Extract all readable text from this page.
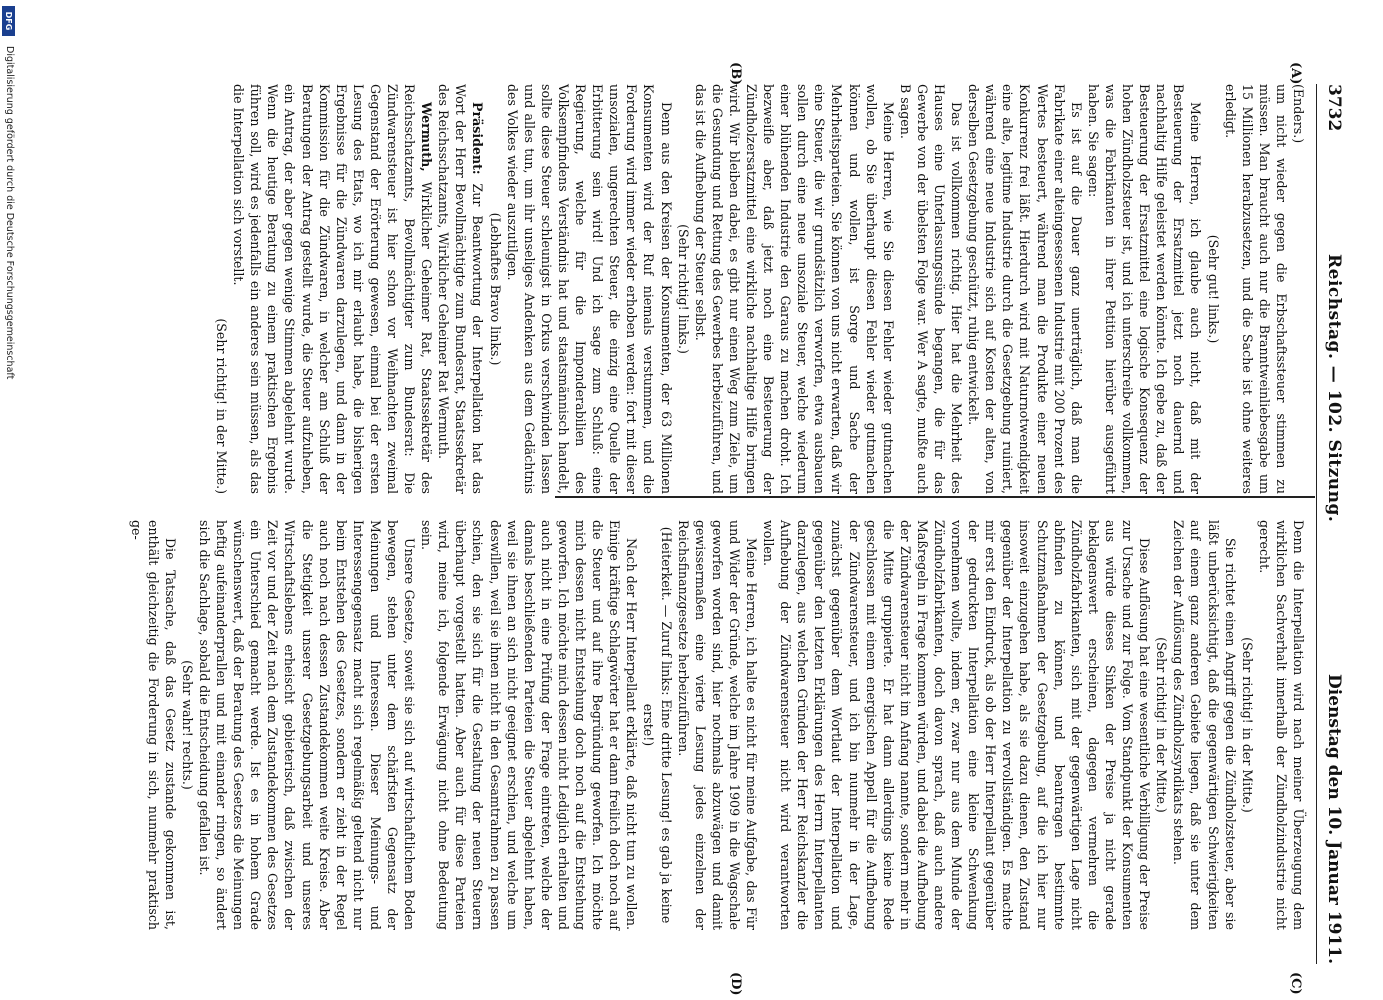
3732
Reichstag. — 102. Sitzung.
Dienstag den 10. Januar 1911.
(A)
(B)
(C)
(D)

(Enders.)

um nicht wieder gegen die Erbschaftssteuer stimmen zu müssen. Man braucht auch nur die Branntweinliebesgabe um 15 Millionen herabzusetzen, und die Sache ist ohne weiteres erledigt.

(Sehr gut! links.)

Meine Herren, ich glaube auch nicht, daß mit der Besteuerung der Ersatzmittel jetzt noch dauernd und nachhaltig Hilfe geleistet werden könnte. Ich gebe zu, daß der Besteuerung der Ersatzmittel eine logische Konsequenz der hohen Zündholzsteuer ist, und ich unterschreibe vollkommen, was die Fabrikanten in ihrer Petition hierüber ausgeführt haben. Sie sagen:

Es ist auf die Dauer ganz unerträglich, daß man die Fabrikate einer alteingesessenen Industrie mit 200 Prozent des Wertes besteuert, während man die Produkte einer neuen Konkurrenz frei läßt. Hierdurch wird mit Naturnotwendigkeit eine alte, legitime Industrie durch die Gesetzgebung ruiniert, während eine neue Industrie sich auf Kosten der alten, von derselben Gesetzgebung geschützt, ruhig entwickelt.

Das ist vollkommen richtig. Hier hat die Mehrheit des Hauses eine Unterlassungssünde begangen, die für das Gewerbe von der übelsten Folge war. Wer A sagte, mußte auch B sagen.

Meine Herren, wie Sie diesen Fehler wieder gutmachen wollen, ob Sie überhaupt diesen Fehler wieder gutmachen können und wollen, ist Sorge und Sache der Mehrheitsparteien. Sie können von uns nicht erwarten, daß wir eine Steuer, die wir grundsätzlich verworfen, etwa ausbauen sollen durch eine neue unsoziale Steuer, welche wiederum einer blühenden Industrie den Garaus zu machen droht. Ich bezweifle aber, daß jetzt noch eine Besteuerung der Zündholzersatzmittel eine wirkliche nachhaltige Hilfe bringen wird. Wir bleiben dabei, es gibt nur einen Weg zum Ziele, um die Gesundung und Rettung des Gewerbes herbeizuführen, und das ist die Aufhebung der Steuer selbst.

(Sehr richtig! links.)

Denn aus den Kreisen der Konsumenten, der 63 Millionen Konsumenten wird der Ruf niemals verstummen, und die Forderung wird immer wieder erhoben werden: fort mit dieser unsozialen, ungerechten Steuer, die einzig eine Quelle der Erbitterung sein wird! Und ich sage zum Schluß: eine Regierung, welche für die Imponderabilien des Volksempfindens Verständnis hat und staatsmännisch handelt, sollte diese Steuer schleunigst in Orkus verschwinden lassen und alles tun, um ihr unseliges Andenken aus dem Gedächtnis des Volkes wieder auszutilgen.

(Lebhaftes Bravo links.)

Präsident: Zur Beantwortung der Interpellation hat das Wort der Herr Bevollmächtigte zum Bundesrat, Staatssekretär des Reichsschatzamts, Wirklicher Geheimer Rat Wermuth.

Wermuth, Wirklicher Geheimer Rat, Staatssekretär des Reichsschatzamts, Bevollmächtigter zum Bundesrat: Die Zündwarensteuer ist hier schon vor Weihnachten zweimal Gegenstand der Erörterung gewesen, einmal bei der ersten Lesung des Etats, wo ich mir erlaubt habe, die bisherigen Ergebnisse für die Zündwaren darzulegen, und dann in der Kommission für die Zündwaren, in welcher am Schluß der Beratungen der Antrag gestellt wurde, die Steuer aufzuheben, ein Antrag, der aber gegen wenige Stimmen abgelehnt wurde. Wenn die heutige Beratung zu einem praktischen Ergebnis führen soll, wird es jedenfalls ein anderes sein müssen, als das die Interpellation sich vorstellt.

(Sehr richtig! in der Mitte.)

Denn die Interpellation wird nach meiner Überzeugung dem wirklichen Sachverhalt innerhalb der Zündholzindustrie nicht gerecht.

(Sehr richtig! in der Mitte.)

Sie richtet einen Angriff gegen die Zündholzsteuer, aber sie läßt unberücksichtigt, daß die gegenwärtigen Schwierigkeiten auf einem ganz anderen Gebiete liegen, daß sie unter dem Zeichen der Auflösung des Zündholzsyndikats stehen.

(Sehr richtig! in der Mitte.)

Diese Auflösung hat eine wesentliche Verbilligung der Preise zur Ursache und zur Folge. Vom Standpunkt der Konsumenten aus würde dieses Sinken der Preise ja nicht gerade beklagenswert erscheinen, dagegen vermehren die Zündholzfabrikanten, sich mit der gegenwärtigen Lage nicht abfinden zu können, und beantragen bestimmte Schutzmaßnahmen der Gesetzgebung, auf die ich hier nur insoweit einzugehen habe, als sie dazu dienen, den Zustand gegenüber der Interpellation zu vervollständigen. Es machte mir erst den Eindruck, als ob der Herr Interpellant gegenüber der gedruckten Interpellation eine kleine Schwenkung vornehmen wollte, indem er, zwar nur aus dem Munde der Zündholzfabrikanten, doch davon sprach, daß auch andere Maßregeln in Frage kommen würden, und dabei die Aufhebung der Zündwarensteuer nicht im Anfang nannte, sondern mehr in die Mitte gruppierte. Er hat dann allerdings keine Rede geschlossen mit einem energischen Appell für die Aufhebung der Zündwarensteuer, und ich bin nunmehr in der Lage, zunächst gegenüber dem Wortlaut der Interpellation und gegenüber den letzten Erklärungen des Herrn Interpellanten darzulegen, aus welchen Gründen der Herr Reichskanzler die Aufhebung der Zündwarensteuer nicht wird verantworten wollen.

Meine Herren, ich halte es nicht für meine Aufgabe, das Für und Wider der Gründe, welche im Jahre 1909 in die Wagschale geworfen worden sind, hier nochmals abzuwägen und damit gewissermaßen eine vierte Lesung jedes einzelnen der Reichsfinanzgesetze herbeizuführen.

(Heiterkeit. — Zuruf links: Eine dritte Lesung! es gab ja keine erste!)

Nach der Herr Interpellant erklärte, daß nicht tun zu wollen. Einige kräftige Schlagwörter hat er dann freilich doch noch auf die Steuer und auf ihre Begründung geworfen. Ich möchte mich dessen nicht Entstehung doch noch auf die Entstehung geworfen. Ich möchte mich dessen nicht Lediglich erhalten und auch nicht in eine Prüfung der Frage eintreten, welche der damals beschließenden Parteien die Steuer abgelehnt haben, weil sie ihnen an sich nicht geeignet erschien, und welche um deswillen, weil sie ihnen nicht in den Gesamtrahmen zu passen schien, den sie sich für die Gestaltung der neuen Steuern überhaupt vorgestellt hatten. Aber auch für diese Parteien wird, meine ich, folgende Erwägung nicht ohne Bedeutung sein.

Unsere Gesetze, soweit sie sich auf wirtschaftlichem Boden bewegen, stehen unter dem schärfsten Gegensatz der Meinungen und Interessen. Dieser Meinungs- und Interessengegensatz macht sich regelmäßig geltend nicht nur beim Entstehen des Gesetzes, sondern er zieht in der Regel auch noch nach dessen Zustandekommen weite Kreise. Aber die Stetigkeit unserer Gesetzgebungsarbeit und unseres Wirtschaftslebens erheischt gebieterisch, daß zwischen der Zeit vor und der Zeit nach dem Zustandekommen des Gesetzes ein Unterschied gemacht werde. Ist es in hohem Grade wünschenswert, daß der Beratung des Gesetzes die Meinungen heftig aufeinanderprallen und mit einander ringen, so ändert sich die Sachlage, sobald die Entscheidung gefallen ist.

(Sehr wahr! rechts.)

Die Tatsache, daß das Gesetz zustande gekommen ist, enthält gleichzeitig die Forderung in sich, nunmehr praktisch ge-

DFG
Digitalisierung gefördert durch die Deutsche Forschungsgemeinschaft
